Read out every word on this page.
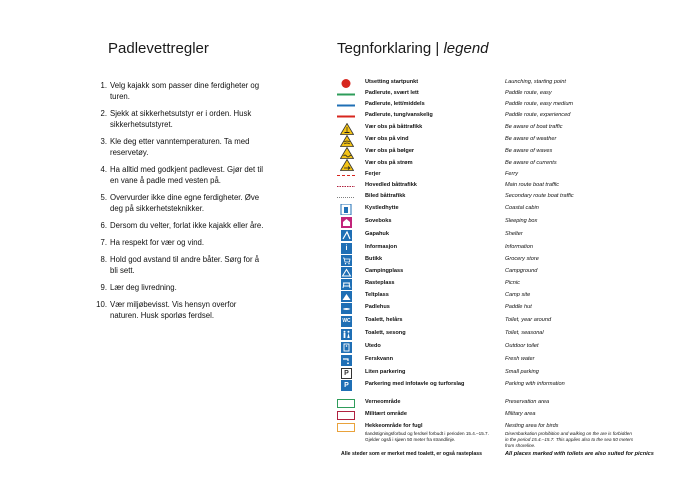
Padlevettregler	Tegnforklaring | legend
1. Velg kajakk som passer dine ferdigheter og turen.
2. Sjekk at sikkerhetsutstyr er i orden. Husk sikkerhetsutstyret.
3. Kle deg etter vanntemperaturen. Ta med reservetøy.
4. Ha alltid med godkjent padlevest. Gjør det til en vane å padle med vesten på.
5. Overvurder ikke dine egne ferdigheter. Øve deg på sikkerhetsteknikker.
6. Dersom du velter, forlat ikke kajakk eller åre.
7. Ha respekt for vær og vind.
8. Hold god avstand til andre båter. Sørg for å bli sett.
9. Lær deg livredning.
10. Vær miljøbevisst. Vis hensyn overfor naturen. Husk sporløs ferdsel.
Utsetting startpunkt	Launching, starting point
Padlerute, svært lett	Paddle route, easy
Padlerute, lett/middels	Paddle route, easy medium
Padlerute, tung/vanskelig	Paddle route, experienced
Vær obs på båttrafikk	Be aware of boat traffic
Vær obs på vind	Be aware of weather
Vær obs på bølger	Be aware of waves
Vær obs på strøm	Be aware of currents
Ferjer	Ferry
Hovedled båttrafikk	Main route boat traffic
Biled båttrafikk	Secondary route boat traffic
Kystledhytte	Coastal cabin
Soveboks	Sleeping box
Gapahuk	Shelter
i	Informasjon	Information
Butikk	Grocery store
Campingplass	Campground
Rasteplass	Picnic
Teltplass	Camp site
Padlehus	Paddle hut
WC	Toalett, helårs	Toilet, year around
Toalett, sesong	Toilet, seasonal
Utedo	Outdoor toilet
Ferskvann	Fresh water
P	Liten parkering	Small parking
P	Parkering med infotavle og turforslag	Parking with information
Verneområde	Preservation area
Militært område	Military area
Hekkeområde for fugl	Nesting area for birds
Ilandstigningsforbud og ferdsel forbudt i perioden 15.4.–15.7. Gjelder også i sjøen 50 meter fra strandlinje.
Disembarkation prohibition and walking on the are is forbidden in the period 15.4.–15.7. This applies also to the sea 50 meters from shoreline.
Alle steder som er merket med toalett, er også rasteplass	All places marked with toilets are also suited for picnics
